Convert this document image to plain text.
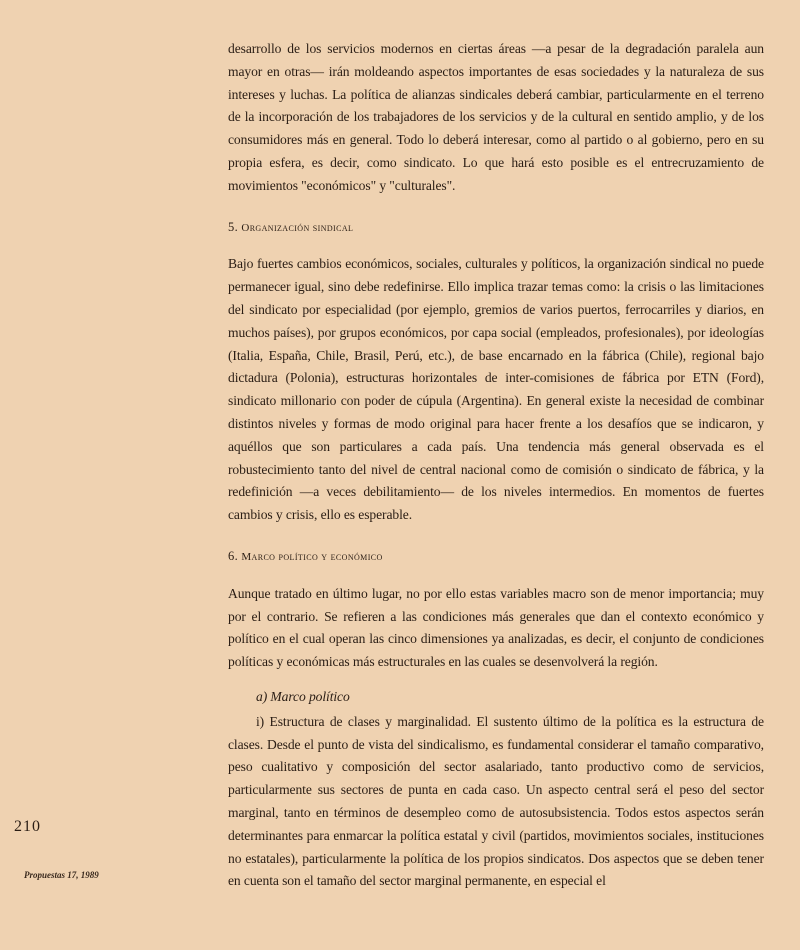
desarrollo de los servicios modernos en ciertas áreas —a pesar de la degradación paralela aun mayor en otras— irán moldeando aspectos importantes de esas sociedades y la naturaleza de sus intereses y luchas. La política de alianzas sindicales deberá cambiar, particularmente en el terreno de la incorporación de los trabajadores de los servicios y de la cultural en sentido amplio, y de los consumidores más en general. Todo lo deberá interesar, como al partido o al gobierno, pero en su propia esfera, es decir, como sindicato. Lo que hará esto posible es el entrecruzamiento de movimientos "económicos" y "culturales".

5. Organización sindical

Bajo fuertes cambios económicos, sociales, culturales y políticos, la organización sindical no puede permanecer igual, sino debe redefinirse. Ello implica trazar temas como: la crisis o las limitaciones del sindicato por especialidad (por ejemplo, gremios de varios puertos, ferrocarriles y diarios, en muchos países), por grupos económicos, por capa social (empleados, profesionales), por ideologías (Italia, España, Chile, Brasil, Perú, etc.), de base encarnado en la fábrica (Chile), regional bajo dictadura (Polonia), estructuras horizontales de inter-comisiones de fábrica por ETN (Ford), sindicato millonario con poder de cúpula (Argentina). En general existe la necesidad de combinar distintos niveles y formas de modo original para hacer frente a los desafíos que se indicaron, y aquéllos que son particulares a cada país. Una tendencia más general observada es el robustecimiento tanto del nivel de central nacional como de comisión o sindicato de fábrica, y la redefinición —a veces debilitamiento— de los niveles intermedios. En momentos de fuertes cambios y crisis, ello es esperable.

6. Marco político y económico

Aunque tratado en último lugar, no por ello estas variables macro son de menor importancia; muy por el contrario. Se refieren a las condiciones más generales que dan el contexto económico y político en el cual operan las cinco dimensiones ya analizadas, es decir, el conjunto de condiciones políticas y económicas más estructurales en las cuales se desenvolverá la región.

a) Marco político

i) Estructura de clases y marginalidad. El sustento último de la política es la estructura de clases. Desde el punto de vista del sindicalismo, es fundamental considerar el tamaño comparativo, peso cualitativo y composición del sector asalariado, tanto productivo como de servicios, particularmente sus sectores de punta en cada caso. Un aspecto central será el peso del sector marginal, tanto en términos de desempleo como de autosubsistencia. Todos estos aspectos serán determinantes para enmarcar la política estatal y civil (partidos, movimientos sociales, instituciones no estatales), particularmente la política de los propios sindicatos. Dos aspectos que se deben tener en cuenta son el tamaño del sector marginal permanente, en especial el

210
Propuestas 17, 1989
